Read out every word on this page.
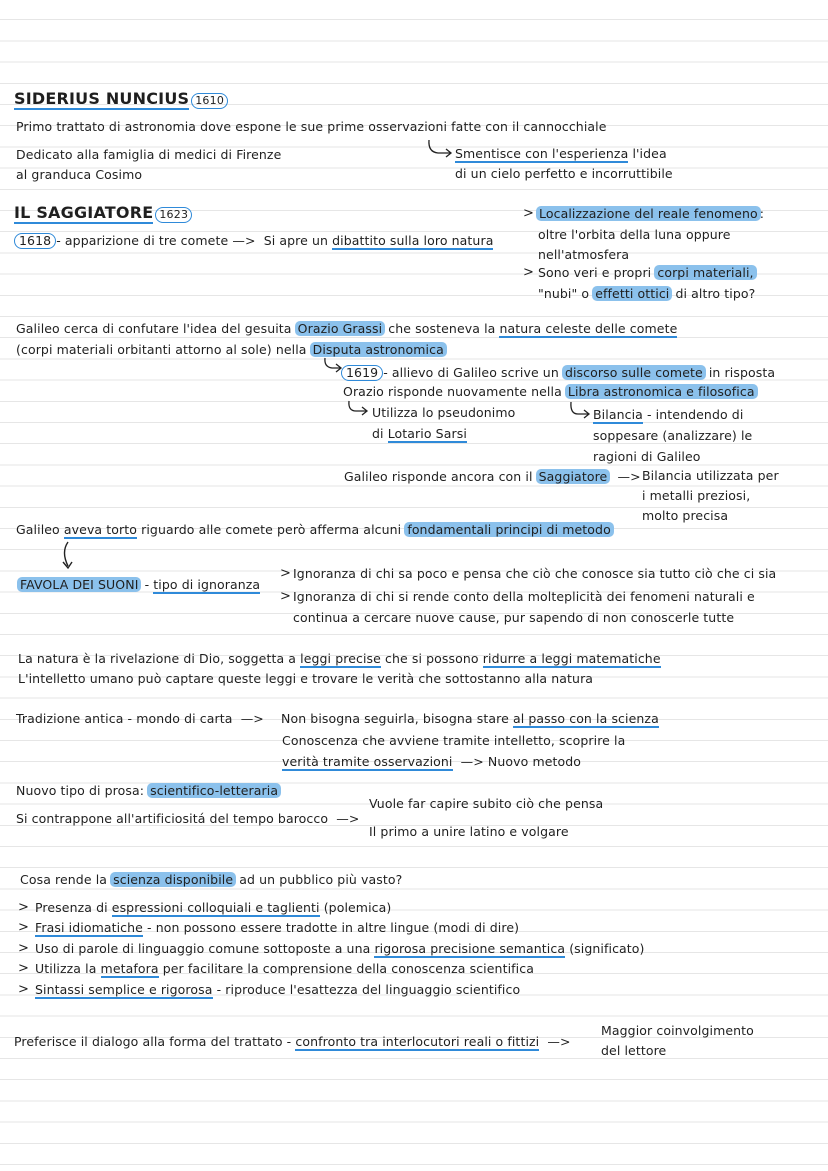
SIDERIUS NUNCIUS 1610
Primo trattato di astronomia dove espone le sue prime osservazioni fatte con il cannocchiale
Dedicato alla famiglia di medici di Firenze
al granduca Cosimo
Smentisce con l'esperienza l'idea
di un cielo perfetto e incorruttibile
IL SAGGIATORE 1623
1618 - apparizione di tre comete —> Si apre un dibattito sulla loro natura
> Localizzazione del reale fenomeno :
oltre l'orbita della luna oppure
nell'atmosfera
> Sono veri e propri corpi materiali,
"nubi" o effetti ottici di altro tipo?
Galileo cerca di confutare l'idea del gesuita Orazio Grassi che sosteneva la natura celeste delle comete
(corpi materiali orbitanti attorno al sole) nella Disputa astronomica
1619 - allievo di Galileo scrive un discorso sulle comete in risposta
Orazio risponde nuovamente nella Libra astronomica e filosofica
Utilizza lo pseudonimo
di Lotario Sarsi
Bilancia - intendendo di
soppesare (analizzare) le
ragioni di Galileo
Galileo risponde ancora con il Saggiatore —> Bilancia utilizzata per
i metalli preziosi,
molto precisa
Galileo aveva torto riguardo alle comete però afferma alcuni fondamentali principi di metodo
FAVOLA DEI SUONI - tipo di ignoranza
> Ignoranza di chi sa poco e pensa che ciò che conosce sia tutto ciò che ci sia
> Ignoranza di chi si rende conto della molteplicità dei fenomeni naturali e
continua a cercare nuove cause, pur sapendo di non conoscerle tutte
La natura è la rivelazione di Dio, soggetta a leggi precise che si possono ridurre a leggi matematiche
L'intelletto umano può captare queste leggi e trovare le verità che sottostanno alla natura
Tradizione antica - mondo di carta —> Non bisogna seguirla, bisogna stare al passo con la scienza
Conoscenza che avviene tramite intelletto, scoprire la
verità tramite osservazioni —> Nuovo metodo
Nuovo tipo di prosa: scientifico-letteraria
Si contrappone all'artificiositá del tempo barocco —>
Vuole far capire subito ciò che pensa
Il primo a unire latino e volgare
Cosa rende la scienza disponibile ad un pubblico più vasto?
> Presenza di espressioni colloquiali e taglienti (polemica)
> Frasi idiomatiche - non possono essere tradotte in altre lingue (modi di dire)
> Uso di parole di linguaggio comune sottoposte a una rigorosa precisione semantica (significato)
> Utilizza la metafora per facilitare la comprensione della conoscenza scientifica
> Sintassi semplice e rigorosa - riproduce l'esattezza del linguaggio scientifico
Preferisce il dialogo alla forma del trattato - confronto tra interlocutori reali o fittizi —>
Maggior coinvolgimento
del lettore
